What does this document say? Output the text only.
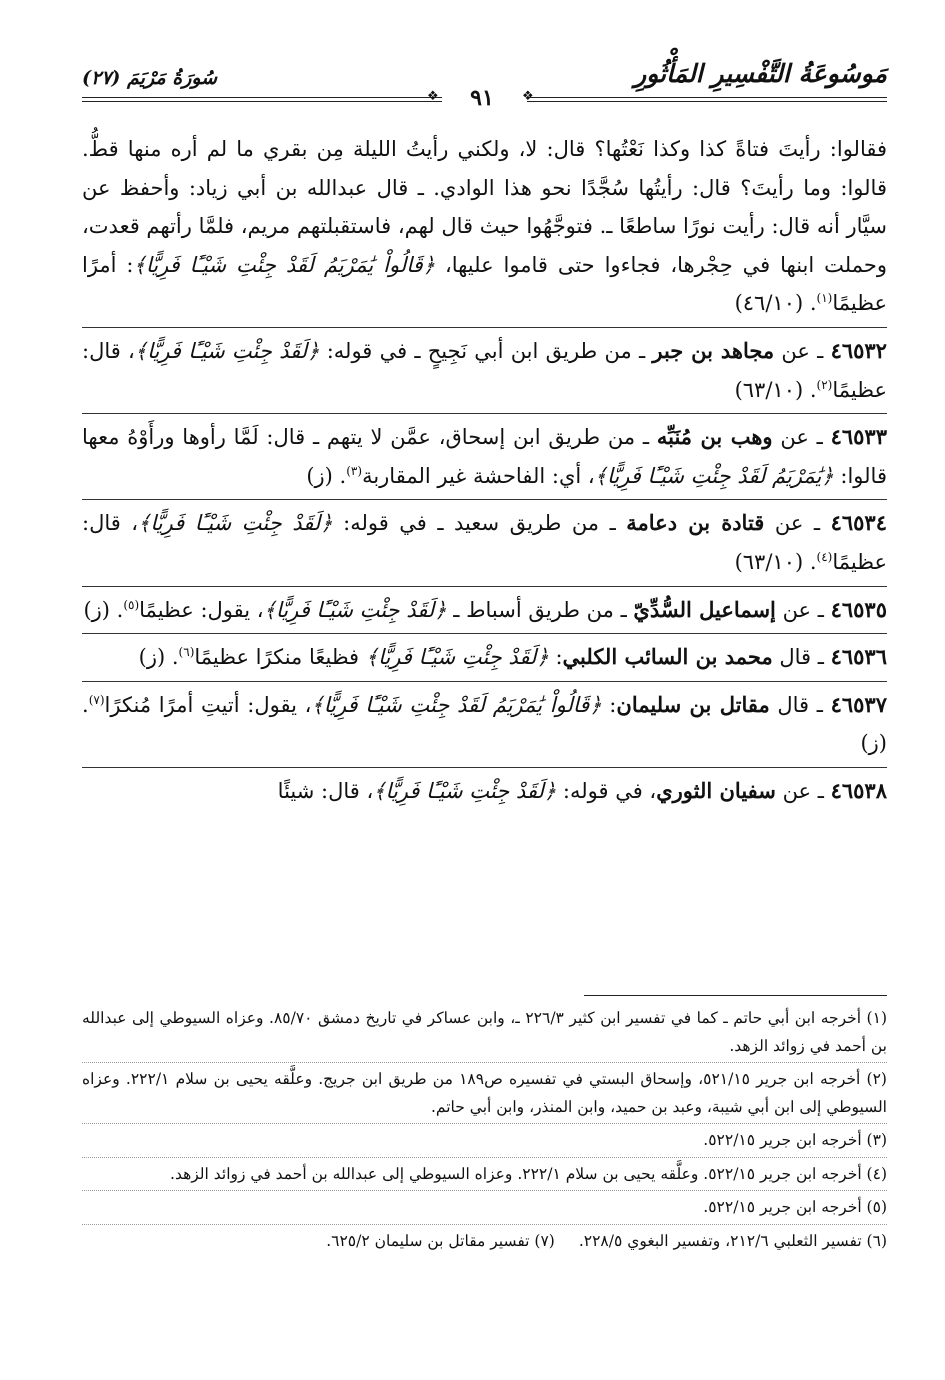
مَوسُوعَةُ التَّفْسِيرِ المَأْثُورِ
سُورَةُ مَرْيَمَ (٢٧)
❖	٩١	❖

فقالوا: رأيتَ فتاةً كذا وكذا نَعْتُها؟ قال: لا، ولكني رأيتُ الليلة مِن بقري ما لم أره منها قطُّ. قالوا: وما رأيتَ؟ قال: رأيتُها سُجَّدًا نحو هذا الوادي. ـ قال عبدالله بن أبي زياد: وأحفظ عن سيَّار أنه قال: رأيت نورًا ساطعًا ـ. فتوجَّهُوا حيث قال لهم، فاستقبلتهم مريم، فلمَّا رأتهم قعدت، وحملت ابنها في حِجْرها، فجاءوا حتى قاموا عليها، ﴿قَالُواْ يَٰمَرْيَمُ لَقَدْ جِئْتِ شَيْـًٔا فَرِيًّا﴾: أمرًا عظيمًا$^{(١)}$. (٤٦/١٠)

٤٦٥٣٢ ـ عن مجاهد بن جبر ـ من طريق ابن أبي نَجِيحٍ ـ في قوله: ﴿لَقَدْ جِئْتِ شَيْـًٔا فَرِيًّا﴾، قال: عظيمًا$^{(٢)}$. (٦٣/١٠)

٤٦٥٣٣ ـ عن وهب بن مُنَبِّه ـ من طريق ابن إسحاق، عمَّن لا يتهم ـ قال: لَمَّا رأوها ورأَوْهُ معها قالوا: ﴿يَٰمَرْيَمُ لَقَدْ جِئْتِ شَيْـًٔا فَرِيًّا﴾، أي: الفاحشة غير المقاربة$^{(٣)}$. (ز)

٤٦٥٣٤ ـ عن قتادة بن دعامة ـ من طريق سعيد ـ في قوله: ﴿لَقَدْ جِئْتِ شَيْـًٔا فَرِيًّا﴾، قال: عظيمًا$^{(٤)}$. (٦٣/١٠)

٤٦٥٣٥ ـ عن إسماعيل السُّدِّيّ ـ من طريق أسباط ـ ﴿لَقَدْ جِئْتِ شَيْـًٔا فَرِيًّا﴾، يقول: عظيمًا$^{(٥)}$. (ز)

٤٦٥٣٦ ـ قال محمد بن السائب الكلبي: ﴿لَقَدْ جِئْتِ شَيْـًٔا فَرِيًّا﴾ فظيعًا منكرًا عظيمًا$^{(٦)}$. (ز)

٤٦٥٣٧ ـ قال مقاتل بن سليمان: ﴿قَالُواْ يَٰمَرْيَمُ لَقَدْ جِئْتِ شَيْـًٔا فَرِيًّا﴾، يقول: أتيتِ أمرًا مُنكرًا$^{(٧)}$. (ز)

٤٦٥٣٨ ـ عن سفيان الثوري، في قوله: ﴿لَقَدْ جِئْتِ شَيْـًٔا فَرِيًّا﴾، قال: شيئًا

(١) أخرجه ابن أبي حاتم ـ كما في تفسير ابن كثير ٢٢٦/٣ ـ، وابن عساكر في تاريخ دمشق ٨٥/٧٠. وعزاه السيوطي إلى عبدالله بن أحمد في زوائد الزهد.

(٢) أخرجه ابن جرير ٥٢١/١٥، وإسحاق البستي في تفسيره ص١٨٩ من طريق ابن جريج. وعلَّقه يحيى بن سلام ٢٢٢/١. وعزاه السيوطي إلى ابن أبي شيبة، وعبد بن حميد، وابن المنذر، وابن أبي حاتم.

(٣) أخرجه ابن جرير ٥٢٢/١٥.

(٤) أخرجه ابن جرير ٥٢٢/١٥. وعلَّقه يحيى بن سلام ٢٢٢/١. وعزاه السيوطي إلى عبدالله بن أحمد في زوائد الزهد.

(٥) أخرجه ابن جرير ٥٢٢/١٥.

(٦) تفسير الثعلبي ٢١٢/٦، وتفسير البغوي ٢٢٨/٥.(٧) تفسير مقاتل بن سليمان ٦٢٥/٢.
